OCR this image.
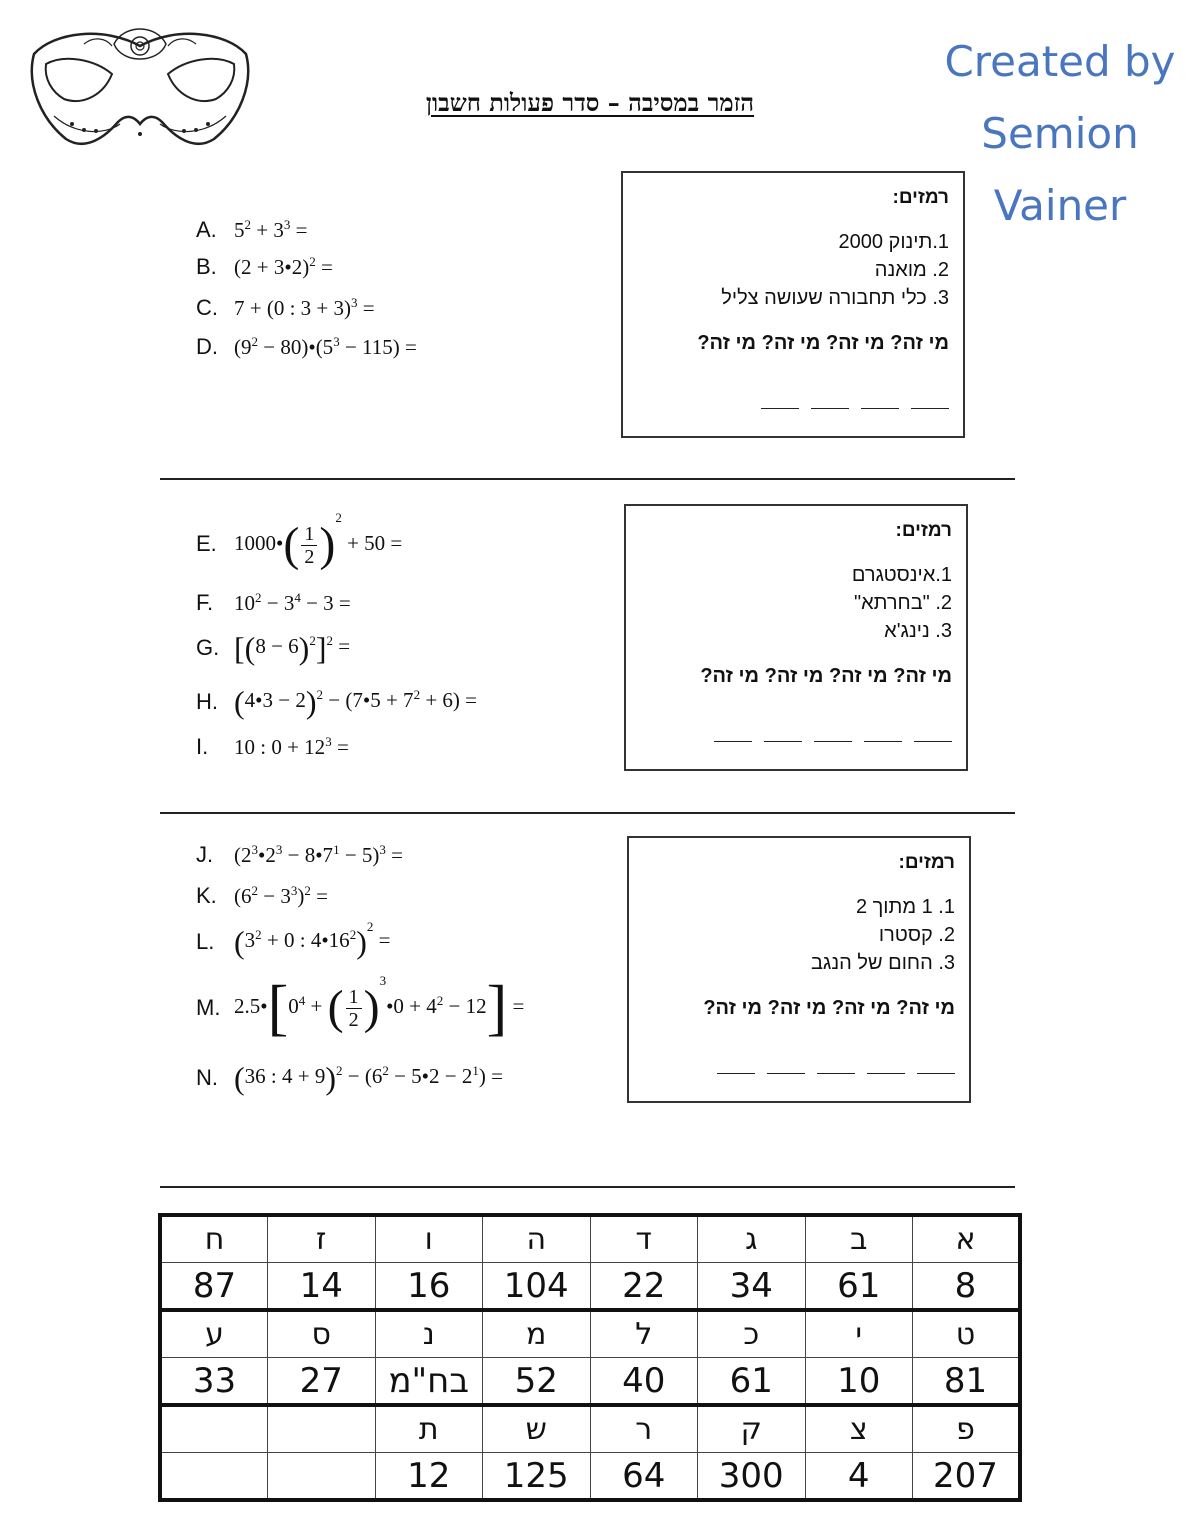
Created by
Semion
Vainer
הזמר במסיבה – סדר פעולות חשבון
A. $5^2 + 3^3$ =
B. (2 + 3•2)$^2$ =
C. 7 + (0 : 3 + 3)$^3$ =
D. ($9^2$ − $80)•(5^3 - 115)$ =
רמזים:
1.תינוק 2000
2. מואנה
3. כלי תחבורה שעושה צליל
מי זה? מי זה? מי זה? מי זה?
E. 1000•( $\frac{1}{2} )^2 + 50$ =
F. $10^2 - 3^4 - 3$ =
G. $[(8 - 6)^2]^2$ =
H. (4•3 − 2)$^2$ − (7•5 + $7^2 + 6$) =
I.	10 : $0 + 12^3$ =
רמזים:
1.אינסטגרם
2. "בחרתא"
3. נינג'א
מי זה? מי זה? מי זה? מי זה?
J. ($2^3•2^3$ − $8•7^1 - 5)^3$ =
K. $(6^2 - 3^3)^2$ =
L. ($3^2 + 0$ : $4•16^2)^2$ =
M. $2.5•[0^4$ + ( $\frac{1}{2}$ )$^3$•0 + $4^2 - 12$] =
N. (36 : $4 + 9)^2 - (6^2$ − 5•2 − $2^1$) =
רמזים:
1. 1 מתוך 2
2. קסטרו
3. החום של הנגב
מי זה? מי זה? מי זה? מי זה?
א	ב	ג	ד	ה	ו	ז	ח
8	61	34	22	104	16	14	87
ט	י	כ	ל	מ	נ	ס	ע
81	10	61	40	52	בח"מ	27	33
פ	צ	ק	ר	ש	ת		
207	4	300	64	125	12		
